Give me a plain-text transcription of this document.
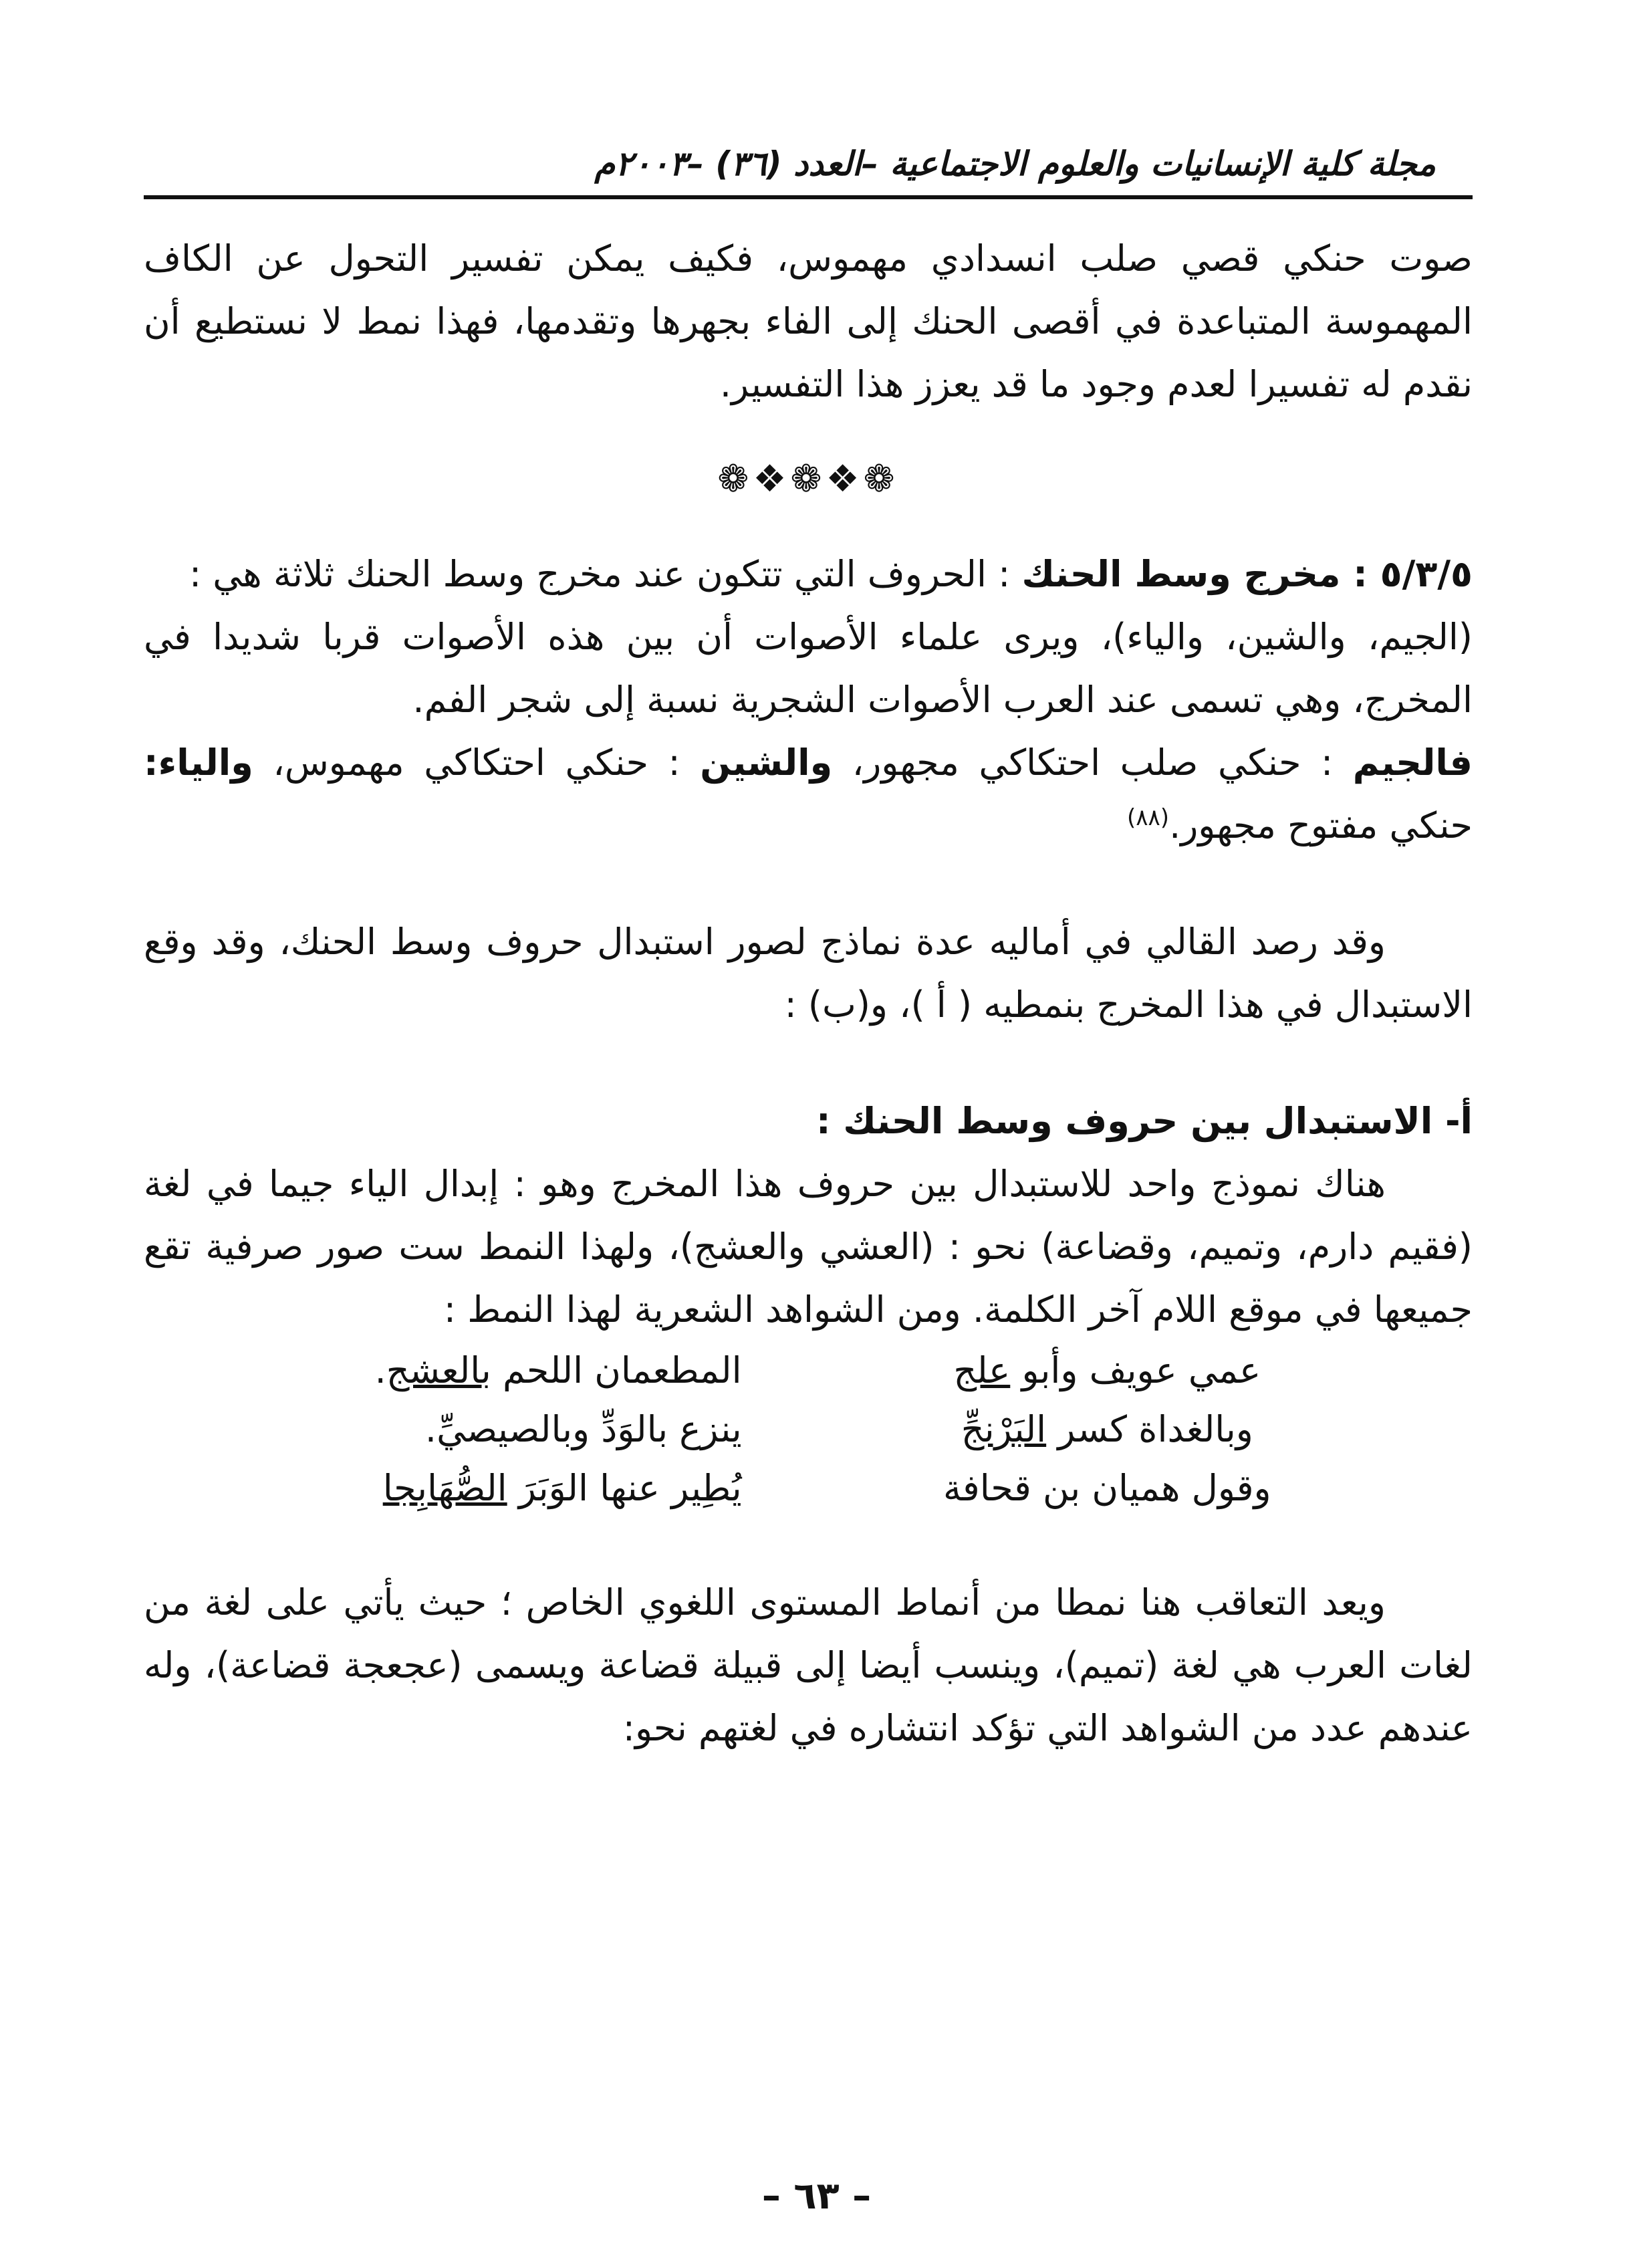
مجلة كلية الإنسانيات والعلوم الاجتماعية –العدد (٣٦) –٢٠٠٣م

صوت حنكي قصي صلب انسدادي مهموس، فكيف يمكن تفسير التحول عن الكاف المهموسة المتباعدة في أقصى الحنك إلى الفاء بجهرها وتقدمها، فهذا نمط لا نستطيع أن نقدم له تفسيرا لعدم وجود ما قد يعزز هذا التفسير.

❁❖❁❖❁

٥/٣/٥ : مخرج وسط الحنك : الحروف التي تتكون عند مخرج وسط الحنك ثلاثة هي :

(الجيم، والشين، والياء)، ويرى علماء الأصوات أن بين هذه الأصوات قربا شديدا في المخرج، وهي تسمى عند العرب الأصوات الشجرية نسبة إلى شجر الفم.

فالجيم : حنكي صلب احتكاكي مجهور، والشين : حنكي احتكاكي مهموس، والياء: حنكي مفتوح مجهور.$^{(٨٨)}$

وقد رصد القالي في أماليه عدة نماذج لصور استبدال حروف وسط الحنك، وقد وقع الاستبدال في هذا المخرج بنمطيه ( أ )، و(ب) :

أ- الاستبدال بين حروف وسط الحنك :

هناك نموذج واحد للاستبدال بين حروف هذا المخرج وهو : إبدال الياء جيما في لغة (فقيم دارم، وتميم، وقضاعة) نحو : (العشي والعشج)، ولهذا النمط ست صور صرفية تقع جميعها في موقع اللام آخر الكلمة. ومن الشواهد الشعرية لهذا النمط :

عمي عويف وأبو علج	المطعمان اللحم بالعشج.
وبالغداة كسر البَرْنجِّ	ينزع بالوَدِّ وبالصيصيِّ.
وقول هميان بن قحافة	يُطِير عنها الوَبَرَ الصُّهَابِجا

ويعد التعاقب هنا نمطا من أنماط المستوى اللغوي الخاص ؛ حيث يأتي على لغة من لغات العرب هي لغة (تميم)، وينسب أيضا إلى قبيلة قضاعة ويسمى (عجعجة قضاعة)، وله عندهم عدد من الشواهد التي تؤكد انتشاره في لغتهم نحو:

– ٦٣ –
